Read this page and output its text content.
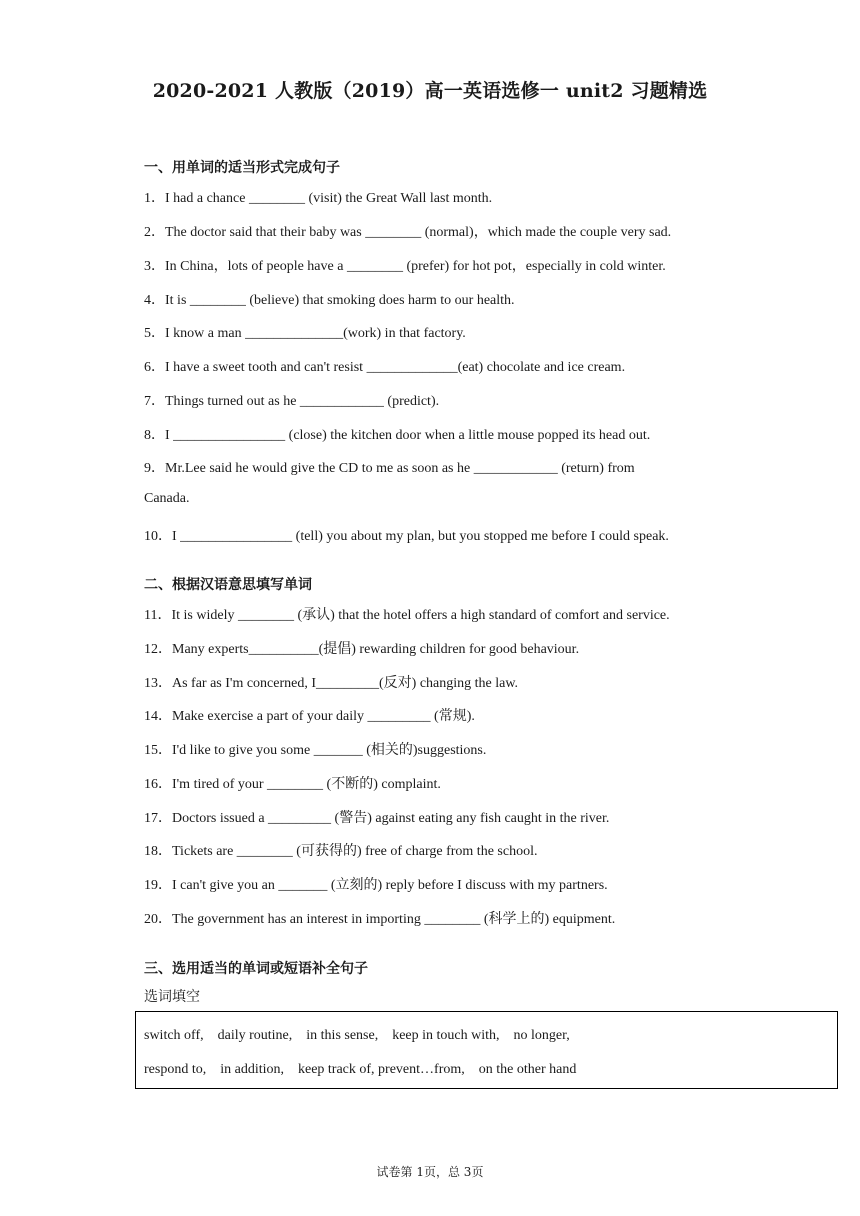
2020-2021 人教版（2019）高一英语选修一 unit2 习题精选
一、用单词的适当形式完成句子
1．I had a chance ________ (visit) the Great Wall last month.
2．The doctor said that their baby was ________ (normal)，which made the couple very sad.
3．In China，lots of people have a ________ (prefer) for hot pot，especially in cold winter.
4．It is ________ (believe) that smoking does harm to our health.
5．I know a man ______________(work) in that factory.
6．I have a sweet tooth and can't resist _____________(eat) chocolate and ice cream.
7．Things turned out as he ____________ (predict).
8．I ________________ (close) the kitchen door when a little mouse popped its head out.
9．Mr.Lee said he would give the CD to me as soon as he ____________ (return) from
Canada.
10．I ________________ (tell) you about my plan, but you stopped me before I could speak.
二、根据汉语意思填写单词
11．It is widely ________ (承认) that the hotel offers a high standard of comfort and service.
12．Many experts__________(提倡) rewarding children for good behaviour.
13．As far as I'm concerned, I_________(反对) changing the law.
14．Make exercise a part of your daily _________ (常规).
15．I'd like to give you some _______ (相关的)suggestions.
16．I'm tired of your ________ (不断的) complaint.
17．Doctors issued a _________ (警告) against eating any fish caught in the river.
18．Tickets are ________ (可获得的) free of charge from the school.
19．I can't give you an _______ (立刻的) reply before I discuss with my partners.
20．The government has an interest in importing ________ (科学上的) equipment.
三、选用适当的单词或短语补全句子
选词填空
switch off,    daily routine,    in this sense,    keep in touch with,    no longer,
respond to,    in addition,    keep track of, prevent…from,    on the other hand
试卷第 1页，总 3页
